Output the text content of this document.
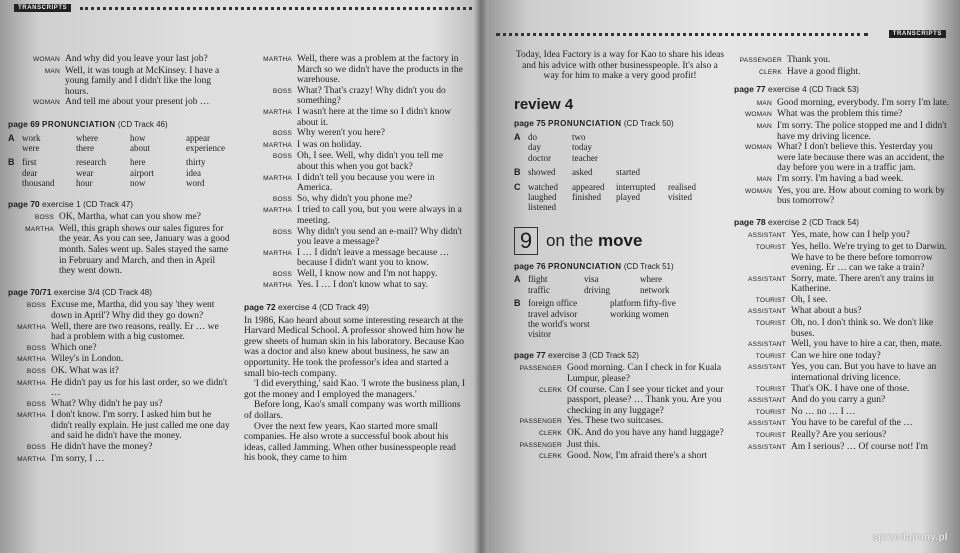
TRANSCRIPTS
WOMAN And why did you leave your last job?
MAN Well, it was tough at McKinsey. I have a young family and I didn't like the long hours.
WOMAN And tell me about your present job …
page 69 PRONUNCIATION (CD Track 46)
A work	where	how	appear
were	there	about	experience
B first	research	here	thirty
dear	wear	airport	idea
thousand	hour	now	word
page 70 exercise 1 (CD Track 47)
BOSS OK, Martha, what can you show me?
MARTHA Well, this graph shows our sales figures for the year. As you can see, January was a good month. Sales went up. Sales stayed the same in February and March, and then in April they went down.
page 70/71 exercise 3/4 (CD Track 48)
BOSS Excuse me, Martha, did you say 'they went down in April'? Why did they go down?
MARTHA Well, there are two reasons, really. Er … we had a problem with a big customer.
BOSS Which one?
MARTHA Wiley's in London.
BOSS OK. What was it?
MARTHA He didn't pay us for his last order, so we didn't …
BOSS What? Why didn't he pay us?
MARTHA I don't know. I'm sorry. I asked him but he didn't really explain. He just called me one day and said he didn't have the money.
BOSS He didn't have the money?
MARTHA I'm sorry, I …
MARTHA Well, there was a problem at the factory in March so we didn't have the products in the warehouse.
BOSS What? That's crazy! Why didn't you do something?
MARTHA I wasn't here at the time so I didn't know about it.
BOSS Why weren't you here?
MARTHA I was on holiday.
BOSS Oh, I see. Well, why didn't you tell me about this when you got back?
MARTHA I didn't tell you because you were in America.
BOSS So, why didn't you phone me?
MARTHA I tried to call you, but you were always in a meeting.
BOSS Why didn't you send an e-mail? Why didn't you leave a message?
MARTHA I … I didn't leave a message because … because I didn't want you to know.
BOSS Well, I know now and I'm not happy.
MARTHA Yes. I … I don't know what to say.
page 72 exercise 4 (CD Track 49)

In 1986, Kao heard about some interesting research at the Harvard Medical School. A professor showed him how he grew sheets of human skin in his laboratory. Because Kao was a doctor and also knew about business, he saw an opportunity. He took the professor's idea and started a small bio-tech company.

'I did everything,' said Kao. 'I wrote the business plan, I got the money and I employed the managers.'

Before long, Kao's small company was worth millions of dollars.

Over the next few years, Kao started more small companies. He also wrote a successful book about his ideas, called Jamming. When other businesspeople read his book, they came to him

TRANSCRIPTS

Today, Idea Factory is a way for Kao to share his ideas and his advice with other businesspeople. It's also a way for him to make a very good profit!

review 4
page 75 PRONUNCIATION (CD Track 50)
A do	two
day	today
doctor	teacher
B showed	asked	started
C watched	appeared	interrupted	realised
laughed	finished	played	visited
listened
9 on the move
page 76 PRONUNCIATION (CD Track 51)
A flight	visa	where
traffic	driving	network
B foreign office	platform fifty-five
travel advisor	working women
the world's worst visitor
page 77 exercise 3 (CD Track 52)
PASSENGER Good morning. Can I check in for Kuala Lumpur, please?
CLERK Of course. Can I see your ticket and your passport, please? … Thank you. Are you checking in any luggage?
PASSENGER Yes. These two suitcases.
CLERK OK. And do you have any hand luggage?
PASSENGER Just this.
CLERK Good. Now, I'm afraid there's a short
PASSENGER Thank you.
CLERK Have a good flight.
page 77 exercise 4 (CD Track 53)
MAN Good morning, everybody. I'm sorry I'm late.
WOMAN What was the problem this time?
MAN I'm sorry. The police stopped me and I didn't have my driving licence.
WOMAN What? I don't believe this. Yesterday you were late because there was an accident, the day before you were in a traffic jam.
MAN I'm sorry. I'm having a bad week.
WOMAN Yes, you are. How about coming to work by bus tomorrow?
page 78 exercise 2 (CD Track 54)
ASSISTANT Yes, mate, how can I help you?
TOURIST Yes, hello. We're trying to get to Darwin. We have to be there before tomorrow evening. Er … can we take a train?
ASSISTANT Sorry, mate. There aren't any trains in Katherine.
TOURIST Oh, I see.
ASSISTANT What about a bus?
TOURIST Oh, no. I don't think so. We don't like buses.
ASSISTANT Well, you have to hire a car, then, mate.
TOURIST Can we hire one today?
ASSISTANT Yes, you can. But you have to have an international driving licence.
TOURIST That's OK. I have one of those.
ASSISTANT And do you carry a gun?
TOURIST No … no … I …
ASSISTANT You have to be careful of the …
TOURIST Really? Are you serious?
ASSISTANT Am I serious? … Of course not! I'm
sprzedajemy.pl
